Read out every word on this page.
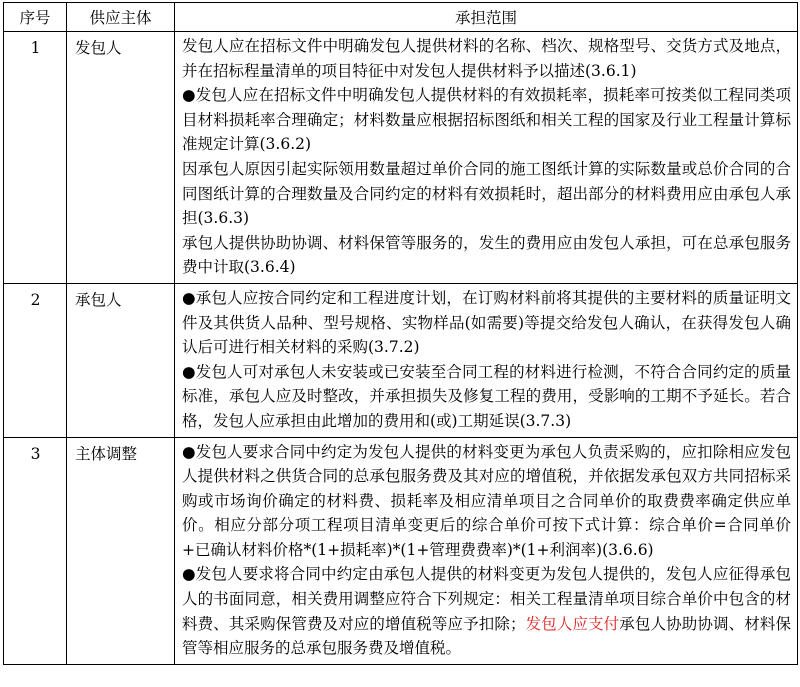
序号	供应主体	承担范围
1	发包人	发包人应在招标文件中明确发包人提供材料的名称、档次、规格型号、交货方式及地点，并在招标程量清单的项目特征中对发包人提供材料予以描述(3.6.1)
●发包人应在招标文件中明确发包人提供材料的有效损耗率，损耗率可按类似工程同类项目材料损耗率合理确定；材料数量应根据招标图纸和相关工程的国家及行业工程量计算标准规定计算(3.6.2)
因承包人原因引起实际领用数量超过单价合同的施工图纸计算的实际数量或总价合同的合同图纸计算的合理数量及合同约定的材料有效损耗时，超出部分的材料费用应由承包人承担(3.6.3)
承包人提供协助协调、材料保管等服务的，发生的费用应由发包人承担，可在总承包服务费中计取(3.6.4)

2	承包人	●承包人应按合同约定和工程进度计划，在订购材料前将其提供的主要材料的质量证明文件及其供货人品种、型号规格、实物样品(如需要)等提交给发包人确认，在获得发包人确认后可进行相关材料的采购(3.7.2)
●发包人可对承包人未安装或已安装至合同工程的材料进行检测，不符合合同约定的质量标准，承包人应及时整改，并承担损失及修复工程的费用，受影响的工期不予延长。若合格，发包人应承担由此增加的费用和(或)工期延误(3.7.3)

3	主体调整	●发包人要求合同中约定为发包人提供的材料变更为承包人负责采购的，应扣除相应发包人提供材料之供货合同的总承包服务费及其对应的增值税，并依据发承包双方共同招标采购或市场询价确定的材料费、损耗率及相应清单项目之合同单价的取费费率确定供应单价。相应分部分项工程项目清单变更后的综合单价可按下式计算：综合单价=合同单价+已确认材料价格*(1+损耗率)*(1+管理费费率)*(1+利润率)(3.6.6)
●发包人要求将合同中约定由承包人提供的材料变更为发包人提供的，发包人应征得承包人的书面同意，相关费用调整应符合下列规定：相关工程量清单项目综合单价中包含的材料费、其采购保管费及对应的增值税等应予扣除；发包人应支付承包人协助协调、材料保管等相应服务的总承包服务费及增值税。
